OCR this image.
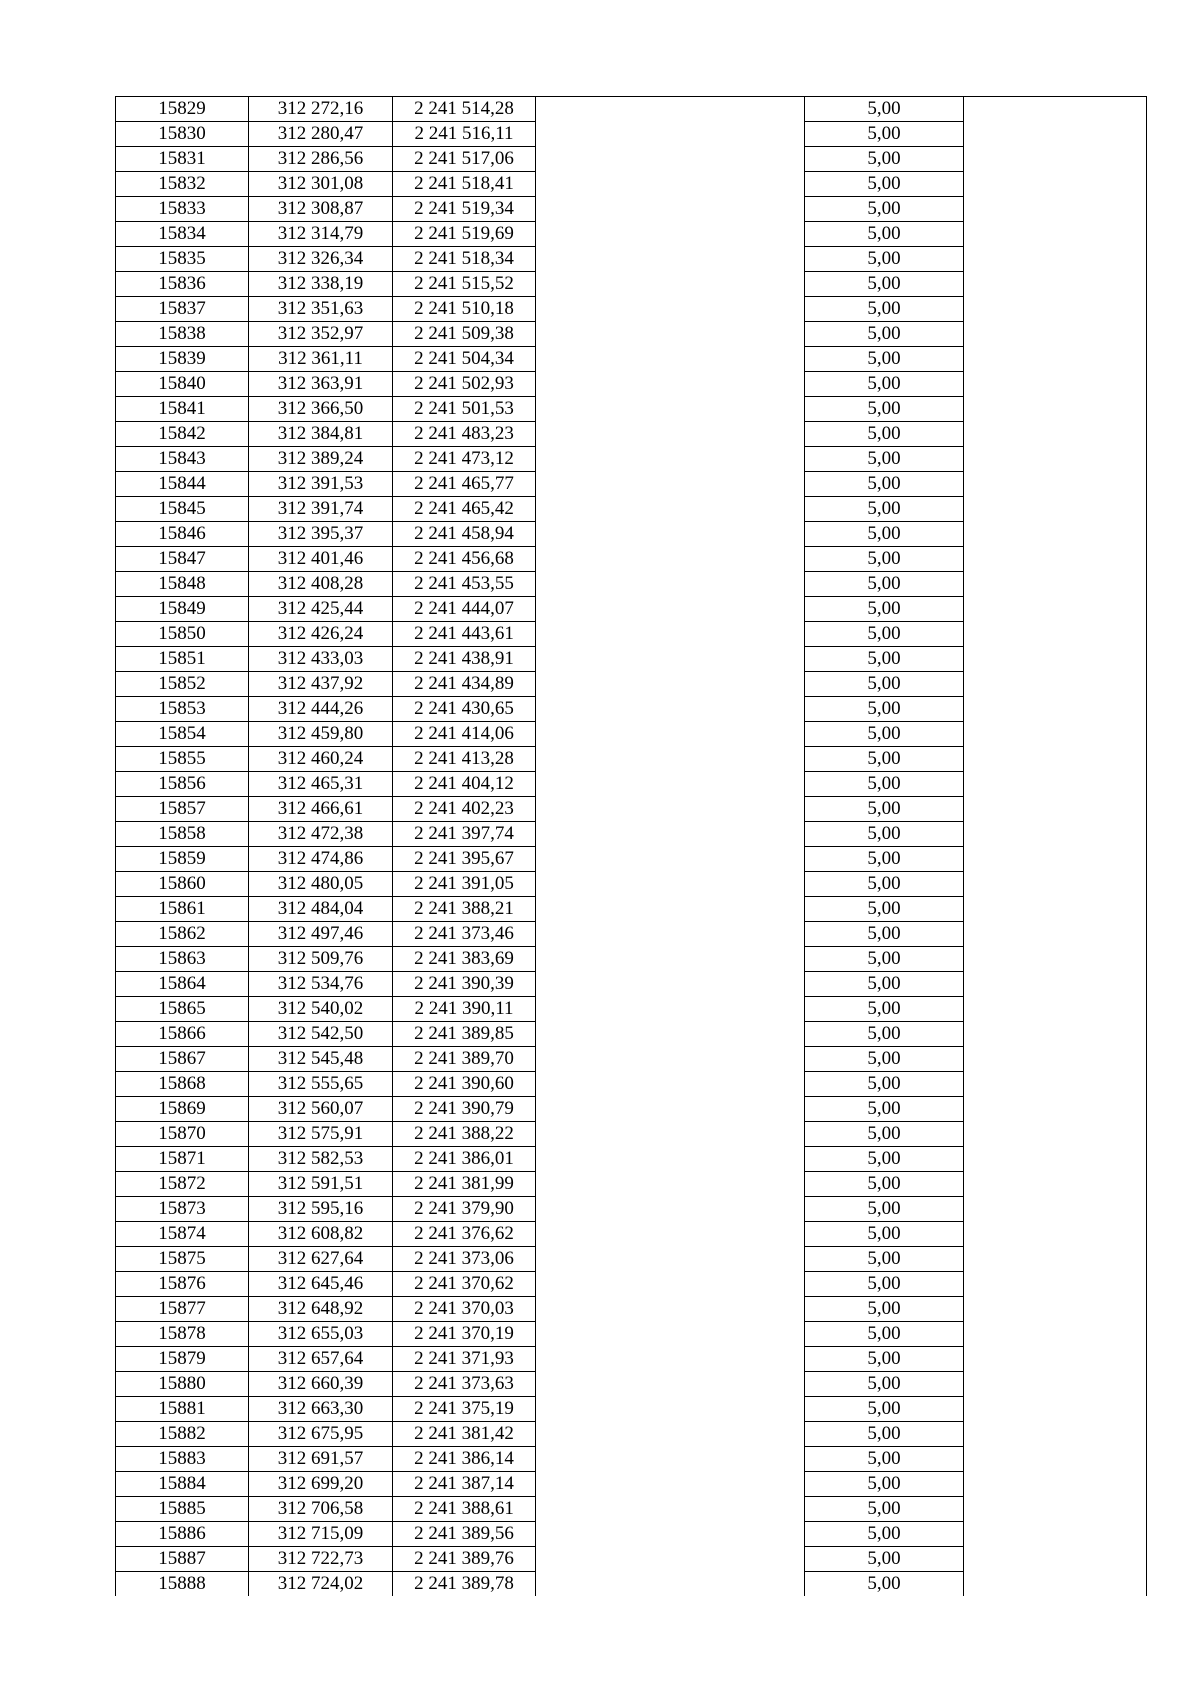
15829	312 272,16	2 241 514,28		5,00	
15830	312 280,47	2 241 516,11		5,00	
15831	312 286,56	2 241 517,06		5,00	
15832	312 301,08	2 241 518,41		5,00	
15833	312 308,87	2 241 519,34		5,00	
15834	312 314,79	2 241 519,69		5,00	
15835	312 326,34	2 241 518,34		5,00	
15836	312 338,19	2 241 515,52		5,00	
15837	312 351,63	2 241 510,18		5,00	
15838	312 352,97	2 241 509,38		5,00	
15839	312 361,11	2 241 504,34		5,00	
15840	312 363,91	2 241 502,93		5,00	
15841	312 366,50	2 241 501,53		5,00	
15842	312 384,81	2 241 483,23		5,00	
15843	312 389,24	2 241 473,12		5,00	
15844	312 391,53	2 241 465,77		5,00	
15845	312 391,74	2 241 465,42		5,00	
15846	312 395,37	2 241 458,94		5,00	
15847	312 401,46	2 241 456,68		5,00	
15848	312 408,28	2 241 453,55		5,00	
15849	312 425,44	2 241 444,07		5,00	
15850	312 426,24	2 241 443,61		5,00	
15851	312 433,03	2 241 438,91		5,00	
15852	312 437,92	2 241 434,89		5,00	
15853	312 444,26	2 241 430,65		5,00	
15854	312 459,80	2 241 414,06		5,00	
15855	312 460,24	2 241 413,28		5,00	
15856	312 465,31	2 241 404,12		5,00	
15857	312 466,61	2 241 402,23		5,00	
15858	312 472,38	2 241 397,74		5,00	
15859	312 474,86	2 241 395,67		5,00	
15860	312 480,05	2 241 391,05		5,00	
15861	312 484,04	2 241 388,21		5,00	
15862	312 497,46	2 241 373,46		5,00	
15863	312 509,76	2 241 383,69		5,00	
15864	312 534,76	2 241 390,39		5,00	
15865	312 540,02	2 241 390,11		5,00	
15866	312 542,50	2 241 389,85		5,00	
15867	312 545,48	2 241 389,70		5,00	
15868	312 555,65	2 241 390,60		5,00	
15869	312 560,07	2 241 390,79		5,00	
15870	312 575,91	2 241 388,22		5,00	
15871	312 582,53	2 241 386,01		5,00	
15872	312 591,51	2 241 381,99		5,00	
15873	312 595,16	2 241 379,90		5,00	
15874	312 608,82	2 241 376,62		5,00	
15875	312 627,64	2 241 373,06		5,00	
15876	312 645,46	2 241 370,62		5,00	
15877	312 648,92	2 241 370,03		5,00	
15878	312 655,03	2 241 370,19		5,00	
15879	312 657,64	2 241 371,93		5,00	
15880	312 660,39	2 241 373,63		5,00	
15881	312 663,30	2 241 375,19		5,00	
15882	312 675,95	2 241 381,42		5,00	
15883	312 691,57	2 241 386,14		5,00	
15884	312 699,20	2 241 387,14		5,00	
15885	312 706,58	2 241 388,61		5,00	
15886	312 715,09	2 241 389,56		5,00	
15887	312 722,73	2 241 389,76		5,00	
15888	312 724,02	2 241 389,78		5,00	
